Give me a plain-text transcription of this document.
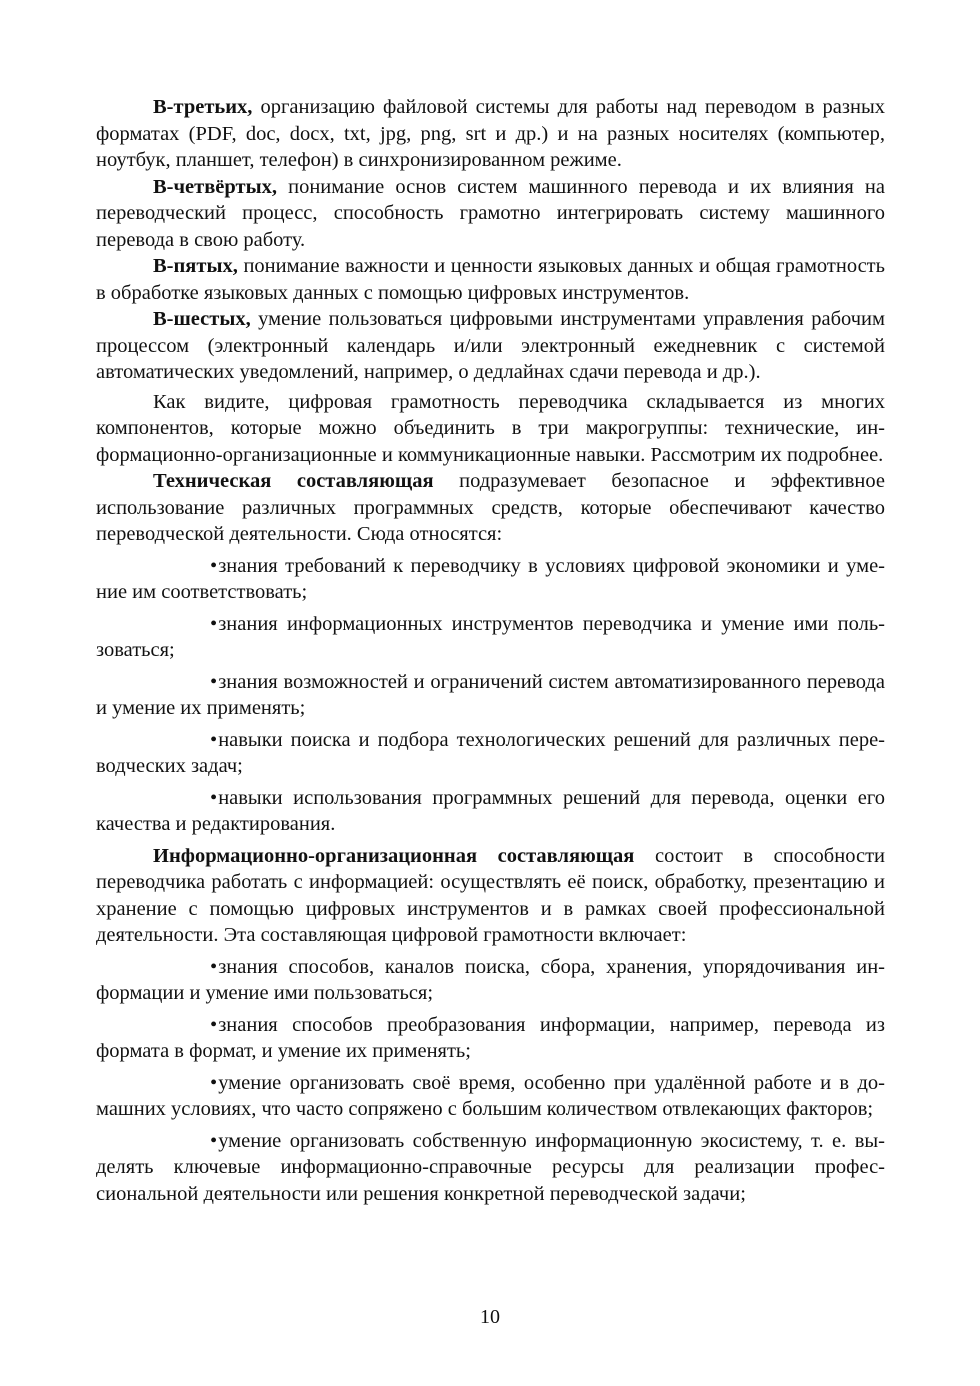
В-третьих, организацию файловой системы для работы над переводом в разных форматах (PDF, doc, docx, txt, jpg, png, srt и др.) и на разных носителях (компьютер, ноутбук, планшет, телефон) в синхронизированном режиме.

В-четвёртых, понимание основ систем машинного перевода и их влияния на переводческий процесс, способность грамотно интегрировать систему машинного перевода в свою работу.

В-пятых, понимание важности и ценности языковых данных и общая грамотность в обработке языковых данных с помощью цифровых инструментов.

В-шестых, умение пользоваться цифровыми инструментами управления рабочим процессом (электронный календарь и/или электронный ежедневник с системой автоматических уведомлений, например, о дедлайнах сдачи перевода и др.).

Как видите, цифровая грамотность переводчика складывается из многих компонентов, которые можно объединить в три макрогруппы: технические, информационно-организационные и коммуникационные навыки. Рассмотрим их подробнее.

Техническая составляющая подразумевает безопасное и эффективное использование различных программных средств, которые обеспечивают качество переводческой деятельности. Сюда относятся:

•знания требований к переводчику в условиях цифровой экономики и умение им соответствовать;

•знания информационных инструментов переводчика и умение ими пользоваться;

•знания возможностей и ограничений систем автоматизированного перевода и умение их применять;

•навыки поиска и подбора технологических решений для различных переводческих задач;

•навыки использования программных решений для перевода, оценки его качества и редактирования.

Информационно-организационная составляющая состоит в способности переводчика работать с информацией: осуществлять её поиск, обработку, презентацию и хранение с помощью цифровых инструментов и в рамках своей профессиональной деятельности. Эта составляющая цифровой грамотности включает:

•знания способов, каналов поиска, сбора, хранения, упорядочивания информации и умение ими пользоваться;

•знания способов преобразования информации, например, перевода из формата в формат, и умение их применять;

•умение организовать своё время, особенно при удалённой работе и в домашних условиях, что часто сопряжено с большим количеством отвлекающих факторов;

•умение организовать собственную информационную экосистему, т. е. выделять ключевые информационно-справочные ресурсы для реализации профессиональной деятельности или решения конкретной переводческой задачи;

10
